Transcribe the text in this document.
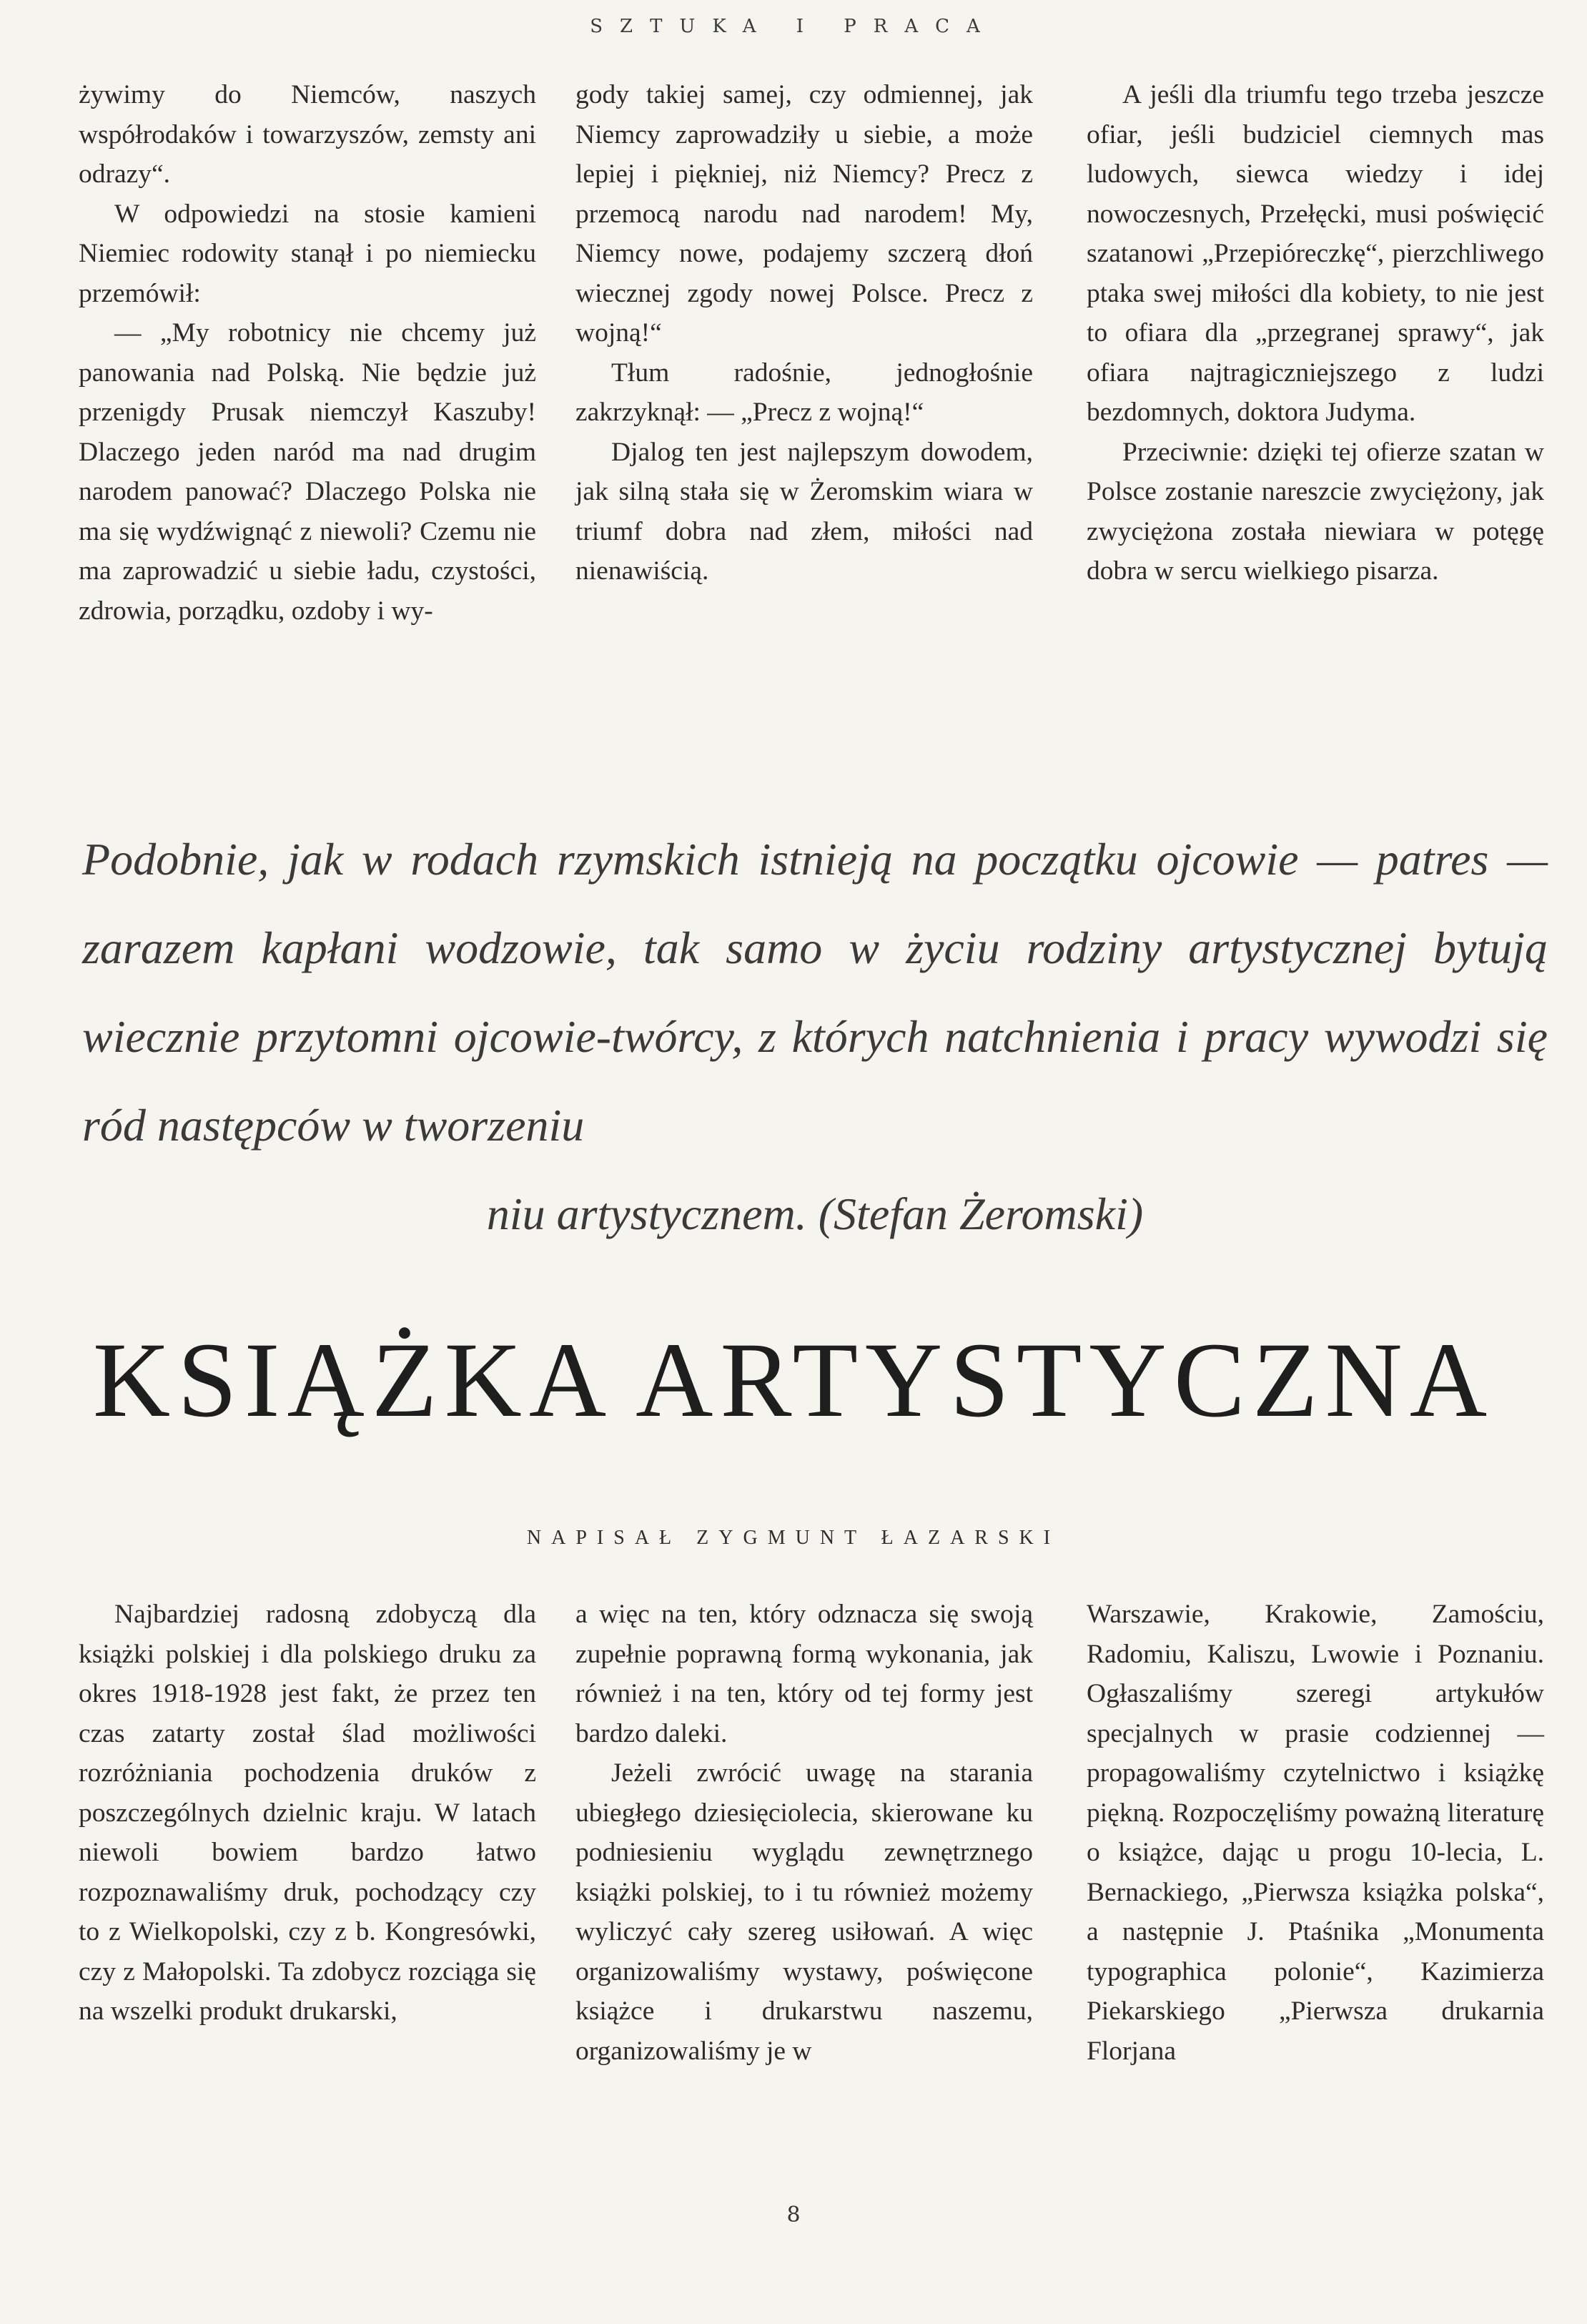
SZTUKA I PRACA

żywimy do Niemców, naszych współrodaków i towarzyszów, zemsty ani odrazy“.

W odpowiedzi na stosie kamieni Niemiec rodowity stanął i po niemiecku przemówił:

— „My robotnicy nie chcemy już panowania nad Polską. Nie będzie już przenigdy Prusak niemczył Kaszuby! Dlaczego jeden naród ma nad drugim narodem panować? Dlaczego Polska nie ma się wydźwignąć z niewoli? Czemu nie ma zaprowadzić u siebie ładu, czystości, zdrowia, porządku, ozdoby i wy-

gody takiej samej, czy odmiennej, jak Niemcy zaprowadziły u siebie, a może lepiej i piękniej, niż Niemcy? Precz z przemocą narodu nad narodem! My, Niemcy nowe, podajemy szczerą dłoń wiecznej zgody nowej Polsce. Precz z wojną!“

Tłum radośnie, jednogłośnie zakrzyknął: — „Precz z wojną!“

Djalog ten jest najlepszym dowodem, jak silną stała się w Żeromskim wiara w triumf dobra nad złem, miłości nad nienawiścią.

A jeśli dla triumfu tego trzeba jeszcze ofiar, jeśli budziciel ciemnych mas ludowych, siewca wiedzy i idej nowoczesnych, Przełęcki, musi poświęcić szatanowi „Przepióreczkę“, pierzchliwego ptaka swej miłości dla kobiety, to nie jest to ofiara dla „przegranej sprawy“, jak ofiara najtragiczniejszego z ludzi bezdomnych, doktora Judyma.

Przeciwnie: dzięki tej ofierze szatan w Polsce zostanie nareszcie zwyciężony, jak zwyciężona została niewiara w potęgę dobra w sercu wielkiego pisarza.

Podobnie, jak w rodach rzymskich istnieją na początku ojcowie — patres — zarazem kapłani wodzowie, tak samo w życiu rodziny artystycznej bytują wiecznie przytomni ojcowie-twórcy, z których natchnienia i pracy wywodzi się ród następców w tworzeniu
niu artystycznem. (Stefan Żeromski)
KSIĄŻKA ARTYSTYCZNA
NAPISAŁ ZYGMUNT ŁAZARSKI

Najbardziej radosną zdobyczą dla książki polskiej i dla polskiego druku za okres 1918-1928 jest fakt, że przez ten czas zatarty został ślad możliwości rozróżniania pochodzenia druków z poszczególnych dzielnic kraju. W latach niewoli bowiem bardzo łatwo rozpoznawaliśmy druk, pochodzący czy to z Wielkopolski, czy z b. Kongresówki, czy z Małopolski. Ta zdobycz rozciąga się na wszelki produkt drukarski,

a więc na ten, który odznacza się swoją zupełnie poprawną formą wykonania, jak również i na ten, który od tej formy jest bardzo daleki.

Jeżeli zwrócić uwagę na starania ubiegłego dziesięciolecia, skierowane ku podniesieniu wyglądu zewnętrznego książki polskiej, to i tu również możemy wyliczyć cały szereg usiłowań. A więc organizowaliśmy wystawy, poświęcone książce i drukarstwu naszemu, organizowaliśmy je w

Warszawie, Krakowie, Zamościu, Radomiu, Kaliszu, Lwowie i Poznaniu. Ogłaszaliśmy szeregi artykułów specjalnych w prasie codziennej — propagowaliśmy czytelnictwo i książkę piękną. Rozpoczęliśmy poważną literaturę o książce, dając u progu 10-lecia, L. Bernackiego, „Pierwsza książka polska“, a następnie J. Ptaśnika „Monumenta typographica polonie“, Kazimierza Piekarskiego „Pierwsza drukarnia Florjana

8
